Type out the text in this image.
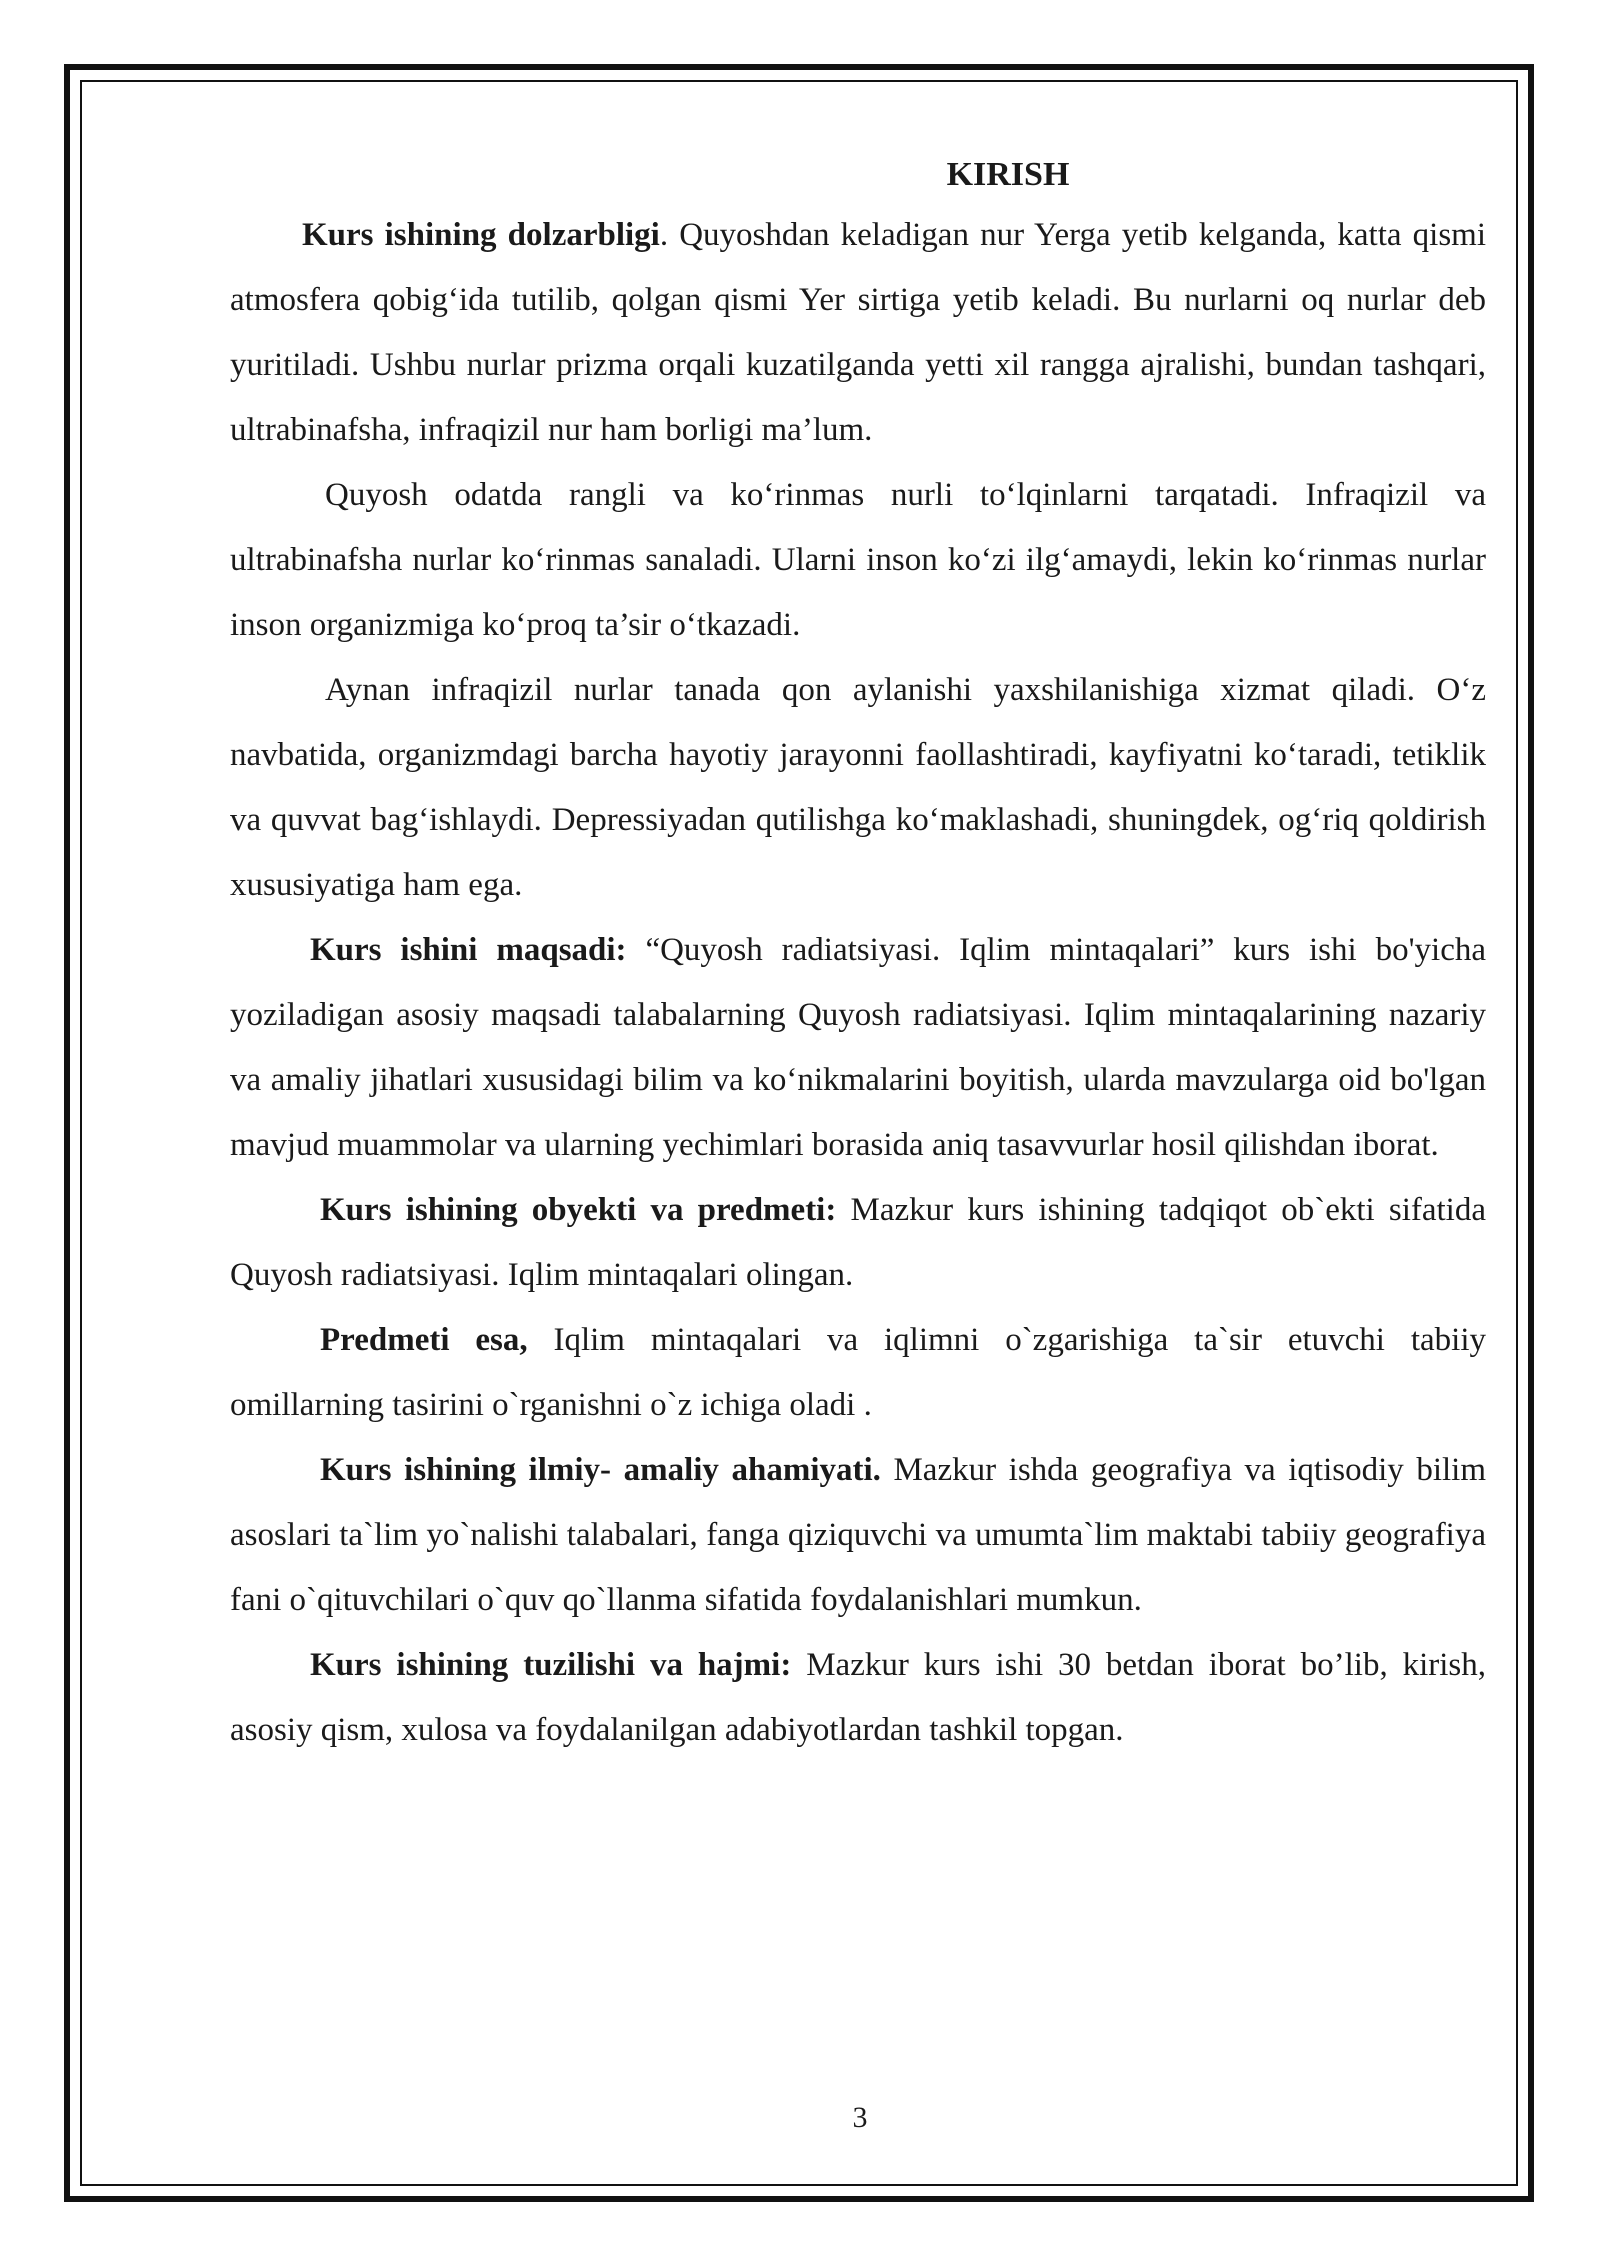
KIRISH

Kurs ishining dolzarbligi. Quyoshdan keladigan nur Yerga yetib kelganda, katta qismi atmosfera qobig‘ida tutilib, qolgan qismi Yer sirtiga yetib keladi. Bu nurlarni oq nurlar deb yuritiladi. Ushbu nurlar prizma orqali kuzatilganda yetti xil rangga ajralishi, bundan tashqari, ultrabinafsha, infraqizil nur ham borligi ma’lum.

Quyosh odatda rangli va ko‘rinmas nurli to‘lqinlarni tarqatadi. Infraqizil va ultrabinafsha nurlar ko‘rinmas sanaladi. Ularni inson ko‘zi ilg‘amaydi, lekin ko‘rinmas nurlar inson organizmiga ko‘proq ta’sir o‘tkazadi.

Aynan infraqizil nurlar tanada qon aylanishi yaxshilanishiga xizmat qiladi. O‘z navbatida, organizmdagi barcha hayotiy jarayonni faollashtiradi, kayfiyatni ko‘taradi, tetiklik va quvvat bag‘ishlaydi. Depressiyadan qutilishga ko‘maklashadi, shuningdek, og‘riq qoldirish xususiyatiga ham ega.

Kurs ishini maqsadi: “Quyosh radiatsiyasi. Iqlim mintaqalari” kurs ishi bo'yicha yoziladigan asosiy maqsadi talabalarning Quyosh radiatsiyasi. Iqlim mintaqalarining nazariy va amaliy jihatlari xususidagi bilim va ko‘nikmalarini boyitish, ularda mavzularga oid bo'lgan mavjud muammolar va ularning yechimlari borasida aniq tasavvurlar hosil qilishdan iborat.

Kurs ishining obyekti va predmeti: Mazkur kurs ishining tadqiqot ob`ekti sifatida Quyosh radiatsiyasi. Iqlim mintaqalari olingan.

Predmeti esa, Iqlim mintaqalari va iqlimni o`zgarishiga ta`sir etuvchi tabiiy omillarning tasirini o`rganishni o`z ichiga oladi .

Kurs ishining ilmiy- amaliy ahamiyati. Mazkur ishda geografiya va iqtisodiy bilim asoslari ta`lim yo`nalishi talabalari, fanga qiziquvchi va umumta`lim maktabi tabiiy geografiya fani o`qituvchilari o`quv qo`llanma sifatida foydalanishlari mumkun.

Kurs ishining tuzilishi va hajmi: Mazkur kurs ishi 30 betdan iborat bo’lib, kirish, asosiy qism, xulosa va foydalanilgan adabiyotlardan tashkil topgan.

3
